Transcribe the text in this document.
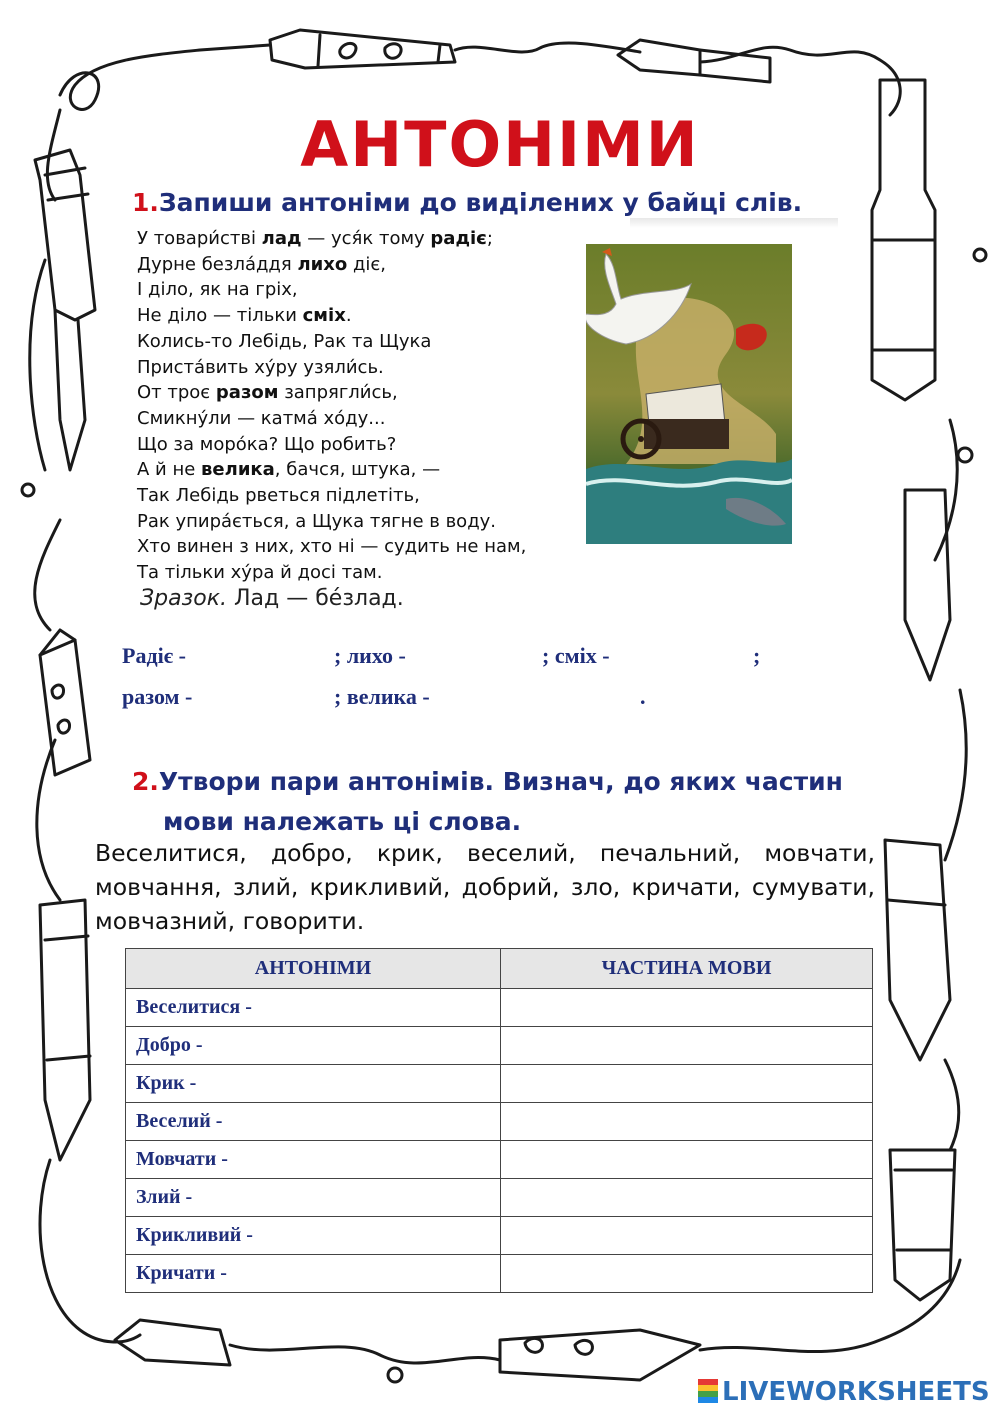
АНТОНІМИ
1.Запиши антоніми до виділених у байці слів.
У товари́стві лад — уся́к тому радіє;
Дурне безла́ддя лихо діє,
І діло, як на гріх,
Не діло — тільки сміх.
Колись-то Лебідь, Рак та Щука
Приста́вить ху́ру узяли́сь.
От троє разом запрягли́сь,
Смикну́ли — катма́ хо́ду...
Що за моро́ка? Що робить?
А й не велика, бачся, штука, —
Так Лебідь рветься підлетіть,
Рак упира́ється, а Щука тягне в воду.
Хто винен з них, хто ні — судить не нам,
Та тільки ху́ра й досі там.
Зразок. Лад — бе́злад.
Радіє -	; лихо -	; сміх -	;
разом -	; велика -	.
2.Утвори пари антонімів. Визнач, до яких частин
мови належать ці слова.
Веселитися, добро, крик, веселий, печальний, мовчати, мовчання, злий, крикливий, добрий, зло, кричати, сумувати, мовчазний, говорити.
АНТОНІМИ	ЧАСТИНА МОВИ
Веселитися -	
Добро -	
Крик -	
Веселий -	
Мовчати -	
Злий -	
Крикливий -	
Кричати -	
LIVEWORKSHEETS
